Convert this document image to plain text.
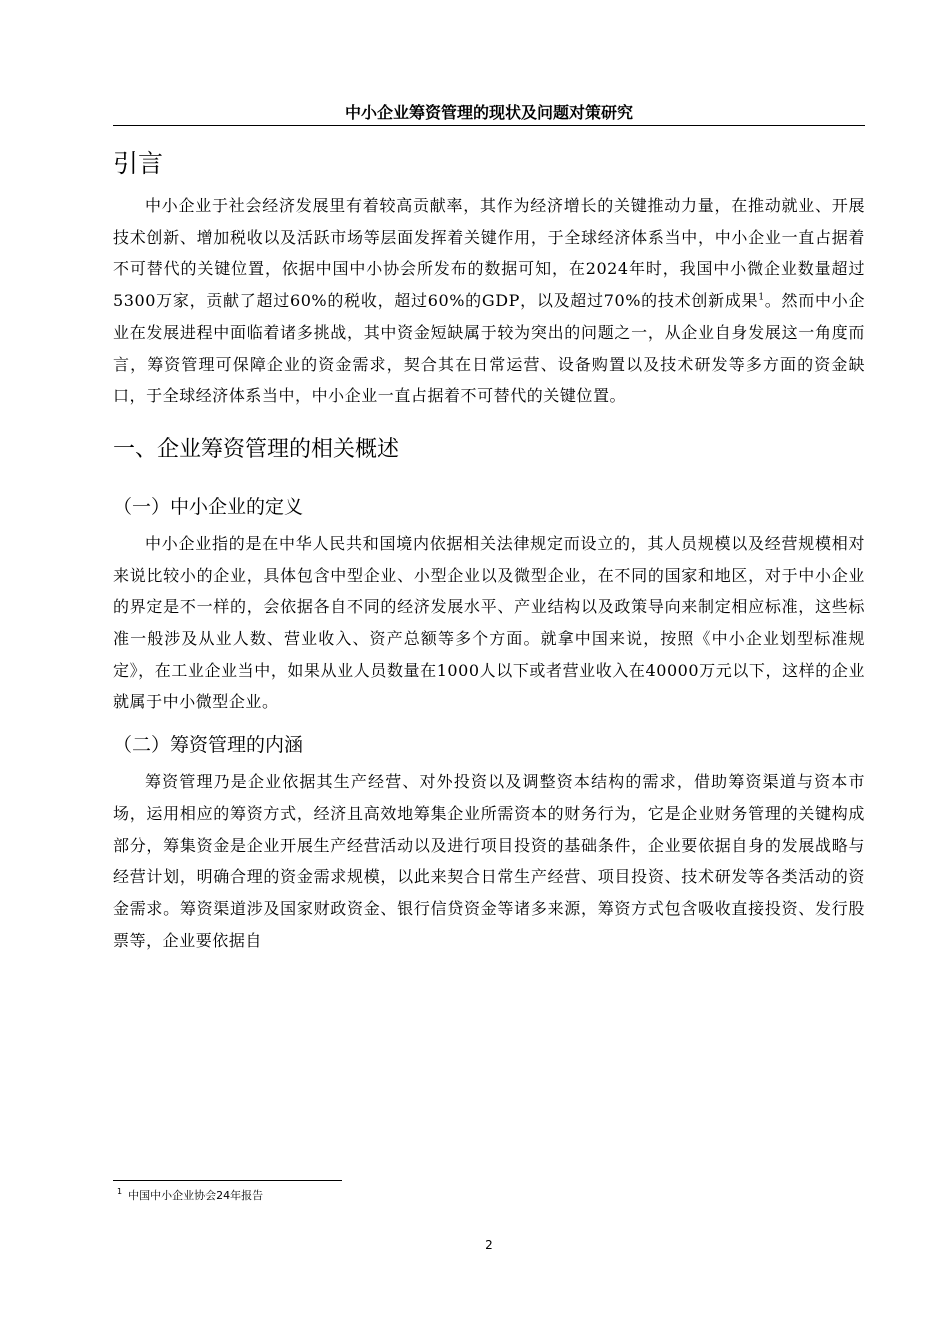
中小企业筹资管理的现状及问题对策研究
引言

中小企业于社会经济发展里有着较高贡献率，其作为经济增长的关键推动力量，在推动就业、开展技术创新、增加税收以及活跃市场等层面发挥着关键作用，于全球经济体系当中，中小企业一直占据着不可替代的关键位置，依据中国中小协会所发布的数据可知，在2024年时，我国中小微企业数量超过5300万家，贡献了超过60%的税收，超过60%的GDP，以及超过70%的技术创新成果$^1$。然而中小企业在发展进程中面临着诸多挑战，其中资金短缺属于较为突出的问题之一，从企业自身发展这一角度而言，筹资管理可保障企业的资金需求，契合其在日常运营、设备购置以及技术研发等多方面的资金缺口，于全球经济体系当中，中小企业一直占据着不可替代的关键位置。

一、企业筹资管理的相关概述
（一）中小企业的定义

中小企业指的是在中华人民共和国境内依据相关法律规定而设立的，其人员规模以及经营规模相对来说比较小的企业，具体包含中型企业、小型企业以及微型企业，在不同的国家和地区，对于中小企业的界定是不一样的，会依据各自不同的经济发展水平、产业结构以及政策导向来制定相应标准，这些标准一般涉及从业人数、营业收入、资产总额等多个方面。就拿中国来说，按照《中小企业划型标准规定》，在工业企业当中，如果从业人员数量在1000人以下或者营业收入在40000万元以下，这样的企业就属于中小微型企业。

（二）筹资管理的内涵

筹资管理乃是企业依据其生产经营、对外投资以及调整资本结构的需求，借助筹资渠道与资本市场，运用相应的筹资方式，经济且高效地筹集企业所需资本的财务行为，它是企业财务管理的关键构成部分，筹集资金是企业开展生产经营活动以及进行项目投资的基础条件，企业要依据自身的发展战略与经营计划，明确合理的资金需求规模，以此来契合日常生产经营、项目投资、技术研发等各类活动的资金需求。筹资渠道涉及国家财政资金、银行信贷资金等诸多来源，筹资方式包含吸收直接投资、发行股票等，企业要依据自

$^1$ 中国中小企业协会24年报告
2
